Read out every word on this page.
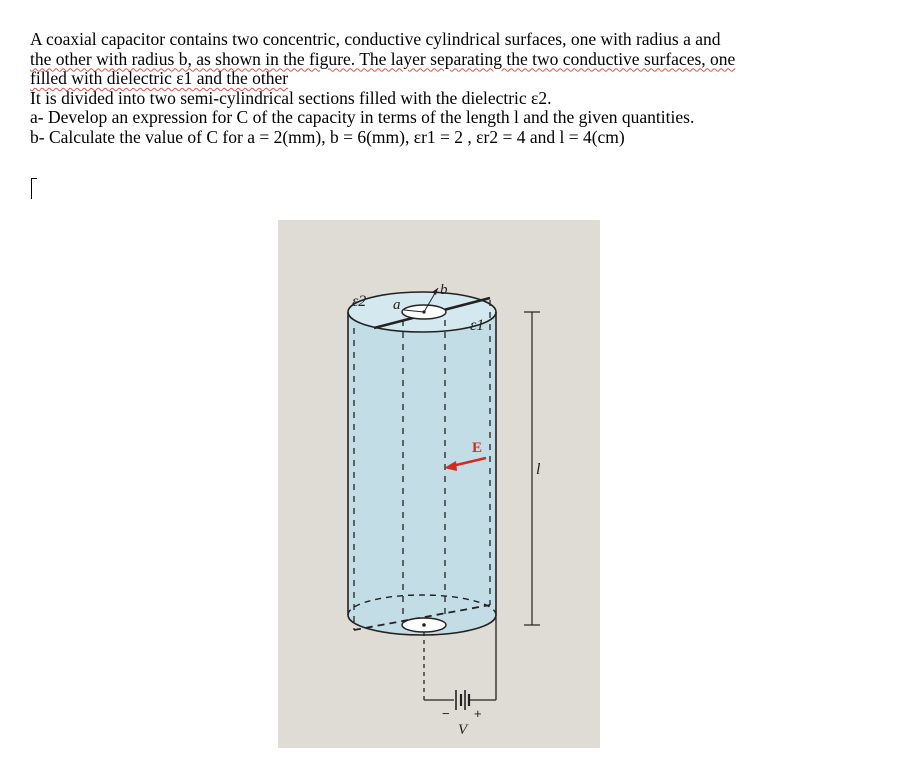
A coaxial capacitor contains two concentric, conductive cylindrical surfaces, one with radius a and
the other with radius b, as shown in the figure. The layer separating the two conductive surfaces, one
filled with dielectric ε1 and the other
It is divided into two semi-cylindrical sections filled with the dielectric ε2.
a- Develop an expression for C of the capacity in terms of the length l and the given quantities.
b- Calculate the value of C for a = 2(mm), b = 6(mm), εr1 = 2 , εr2 = 4 and l = 4(cm)
ε2
ε1
a
b
E
l
V
− +
